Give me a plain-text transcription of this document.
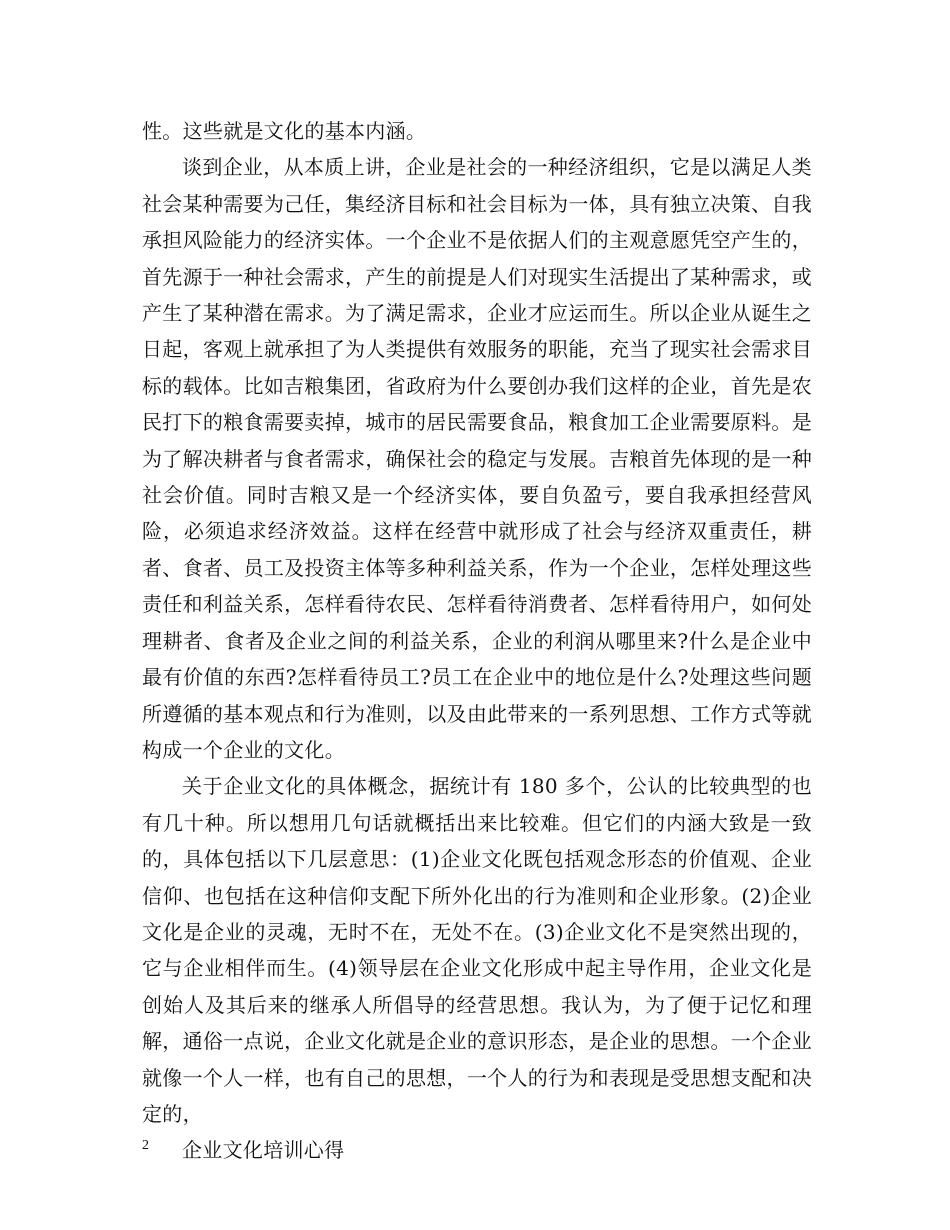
性。这些就是文化的基本内涵。

谈到企业，从本质上讲，企业是社会的一种经济组织，它是以满足人类社会某种需要为己任，集经济目标和社会目标为一体，具有独立决策、自我承担风险能力的经济实体。一个企业不是依据人们的主观意愿凭空产生的，首先源于一种社会需求，产生的前提是人们对现实生活提出了某种需求，或产生了某种潜在需求。为了满足需求，企业才应运而生。所以企业从诞生之日起，客观上就承担了为人类提供有效服务的职能，充当了现实社会需求目标的载体。比如吉粮集团，省政府为什么要创办我们这样的企业，首先是农民打下的粮食需要卖掉，城市的居民需要食品，粮食加工企业需要原料。是为了解决耕者与食者需求，确保社会的稳定与发展。吉粮首先体现的是一种社会价值。同时吉粮又是一个经济实体，要自负盈亏，要自我承担经营风险，必须追求经济效益。这样在经营中就形成了社会与经济双重责任，耕者、食者、员工及投资主体等多种利益关系，作为一个企业，怎样处理这些责任和利益关系，怎样看待农民、怎样看待消费者、怎样看待用户，如何处理耕者、食者及企业之间的利益关系，企业的利润从哪里来?什么是企业中最有价值的东西?怎样看待员工?员工在企业中的地位是什么?处理这些问题所遵循的基本观点和行为准则，以及由此带来的一系列思想、工作方式等就构成一个企业的文化。

关于企业文化的具体概念，据统计有 180 多个，公认的比较典型的也有几十种。所以想用几句话就概括出来比较难。但它们的内涵大致是一致的，具体包括以下几层意思：(1)企业文化既包括观念形态的价值观、企业信仰、也包括在这种信仰支配下所外化出的行为准则和企业形象。(2)企业文化是企业的灵魂，无时不在，无处不在。(3)企业文化不是突然出现的，它与企业相伴而生。(4)领导层在企业文化形成中起主导作用，企业文化是创始人及其后来的继承人所倡导的经营思想。我认为，为了便于记忆和理解，通俗一点说，企业文化就是企业的意识形态，是企业的思想。一个企业就像一个人一样，也有自己的思想，一个人的行为和表现是受思想支配和决定的，

企业文化培训心得

2
